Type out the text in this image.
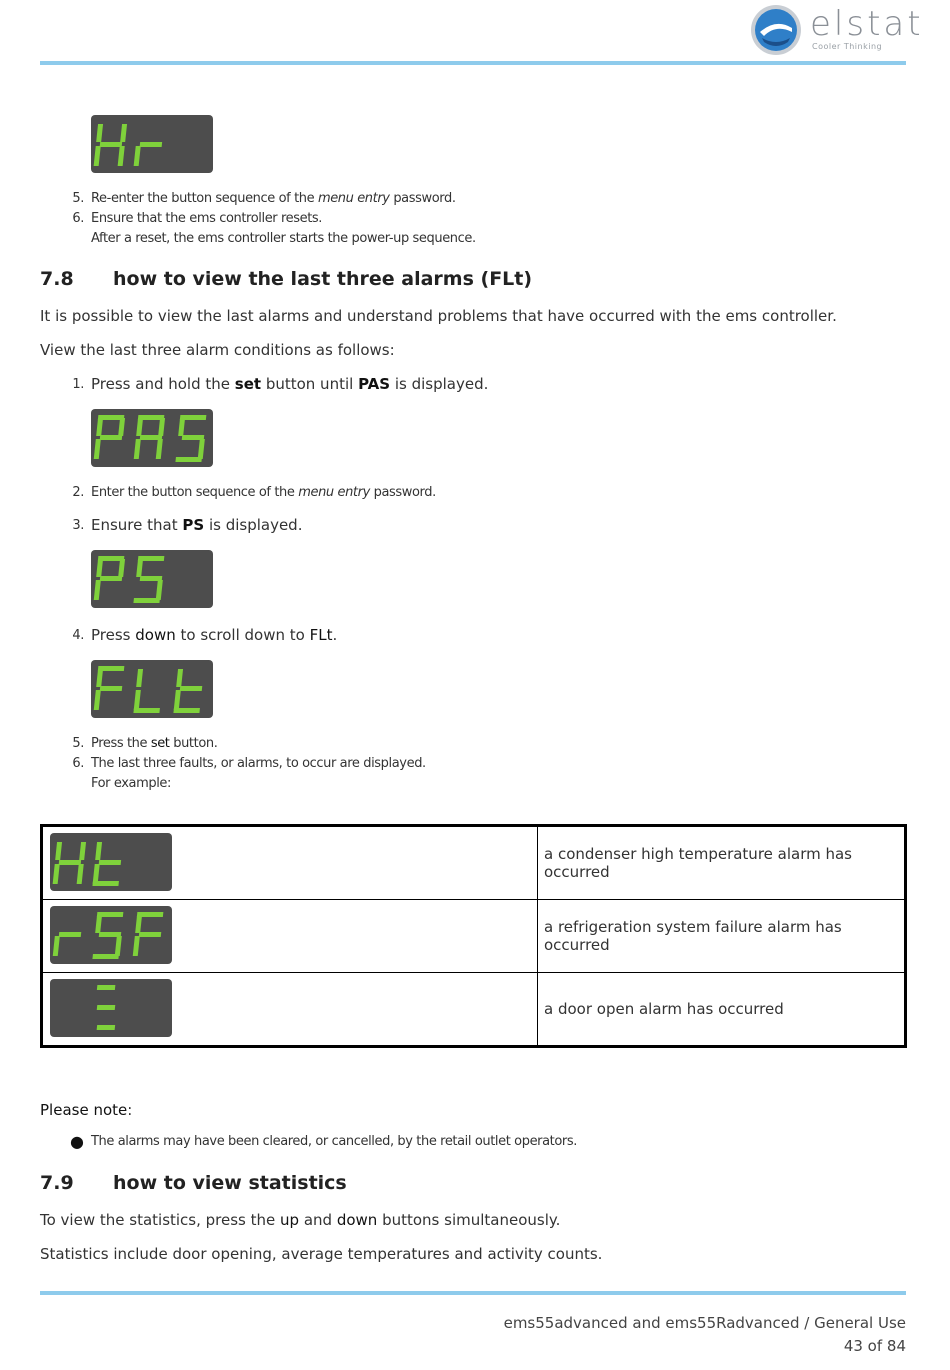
elstat
Cooler Thinking
5. Re-enter the button sequence of the menu entry password.
6. Ensure that the ems controller resets.
After a reset, the ems controller starts the power-up sequence.
7.8 how to view the last three alarms (FLt)
It is possible to view the last alarms and understand problems that have occurred with the ems controller.
View the last three alarm conditions as follows:
1. Press and hold the set button until PAS is displayed.
2. Enter the button sequence of the menu entry password.
3. Ensure that PS is displayed.
4. Press down to scroll down to FLt.
5. Press the set button.
6. The last three faults, or alarms, to occur are displayed.
For example:
	a condenser high temperature alarm has occurred

	a refrigeration system failure alarm has occurred

	a door open alarm has occurred
Please note:
● The alarms may have been cleared, or cancelled, by the retail outlet operators.
7.9 how to view statistics
To view the statistics, press the up and down buttons simultaneously.
Statistics include door opening, average temperatures and activity counts.
ems55advanced and ems55Radvanced / General Use
43 of 84
